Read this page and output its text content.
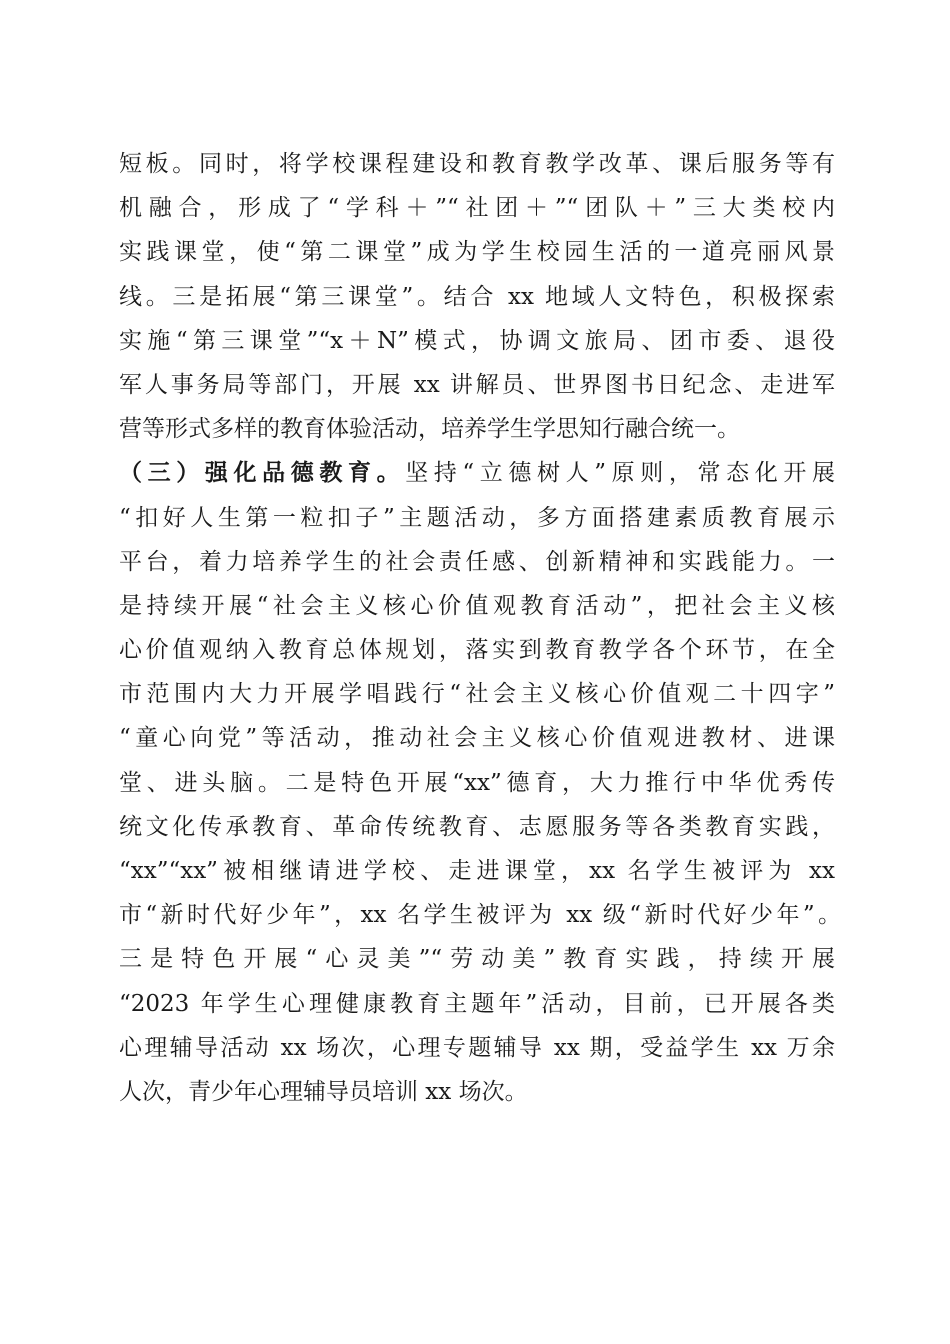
短板。同时，将学校课程建设和教育教学改革、课后服务等有
机融合，形成了“学科＋”“社团＋”“团队＋”三大类校内
实践课堂，使“第二课堂”成为学生校园生活的一道亮丽风景
线。三是拓展“第三课堂”。结合 xx 地域人文特色，积极探索
实施“第三课堂”“x＋N”模式，协调文旅局、团市委、退役
军人事务局等部门，开展 xx 讲解员、世界图书日纪念、走进军
营等形式多样的教育体验活动，培养学生学思知行融合统一。
（三）强化品德教育。坚持“立德树人”原则，常态化开展
“扣好人生第一粒扣子”主题活动，多方面搭建素质教育展示
平台，着力培养学生的社会责任感、创新精神和实践能力。一
是持续开展“社会主义核心价值观教育活动”，把社会主义核
心价值观纳入教育总体规划，落实到教育教学各个环节，在全
市范围内大力开展学唱践行“社会主义核心价值观二十四字”
“童心向党”等活动，推动社会主义核心价值观进教材、进课
堂、进头脑。二是特色开展“xx”德育，大力推行中华优秀传
统文化传承教育、革命传统教育、志愿服务等各类教育实践，
“xx”“xx”被相继请进学校、走进课堂，xx 名学生被评为 xx
市“新时代好少年”，xx 名学生被评为 xx 级“新时代好少年”。
三是特色开展“心灵美”“劳动美”教育实践，持续开展
“2023 年学生心理健康教育主题年”活动，目前，已开展各类
心理辅导活动 xx 场次，心理专题辅导 xx 期，受益学生 xx 万余
人次，青少年心理辅导员培训 xx 场次。
